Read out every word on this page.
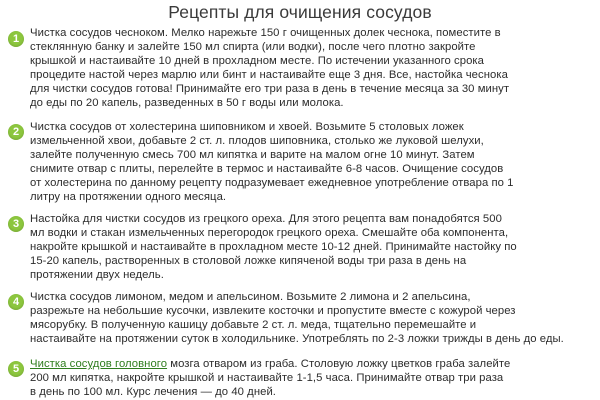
Рецепты для очищения сосудов
1 Чистка сосудов чесноком. Мелко нарежьте 150 г очищенных долек чеснока, поместите в
стеклянную банку и залейте 150 мл спирта (или водки), после чего плотно закройте
крышкой и настаивайте 10 дней в прохладном месте. По истечении указанного срока
процедите настой через марлю или бинт и настаивайте еще 3 дня. Все, настойка чеснока
для чистки сосудов готова! Принимайте его три раза в день в течение месяца за 30 минут
до еды по 20 капель, разведенных в 50 г воды или молока.
2 Чистка сосудов от холестерина шиповником и хвоей. Возьмите 5 столовых ложек
измельченной хвои, добавьте 2 ст. л. плодов шиповника, столько же луковой шелухи,
залейте полученную смесь 700 мл кипятка и варите на малом огне 10 минут. Затем
снимите отвар с плиты, перелейте в термос и настаивайте 6-8 часов. Очищение сосудов
от холестерина по данному рецепту подразумевает ежедневное употребление отвара по 1
литру на протяжении одного месяца.
3 Настойка для чистки сосудов из грецкого ореха. Для этого рецепта вам понадобятся 500
мл водки и стакан измельченных перегородок грецкого ореха. Смешайте оба компонента,
накройте крышкой и настаивайте в прохладном месте 10-12 дней. Принимайте настойку по
15-20 капель, растворенных в столовой ложке кипяченой воды три раза в день на
протяжении двух недель.
4 Чистка сосудов лимоном, медом и апельсином. Возьмите 2 лимона и 2 апельсина,
разрежьте на небольшие кусочки, извлеките косточки и пропустите вместе с кожурой через
мясорубку. В полученную кашицу добавьте 2 ст. л. меда, тщательно перемешайте и
настаивайте на протяжении суток в холодильнике. Употреблять по 2-3 ложки трижды в день до еды.
5 Чистка сосудов головного мозга отваром из граба. Столовую ложку цветков граба залейте
200 мл кипятка, накройте крышкой и настаивайте 1-1,5 часа. Принимайте отвар три раза
в день по 100 мл. Курс лечения — до 40 дней.
